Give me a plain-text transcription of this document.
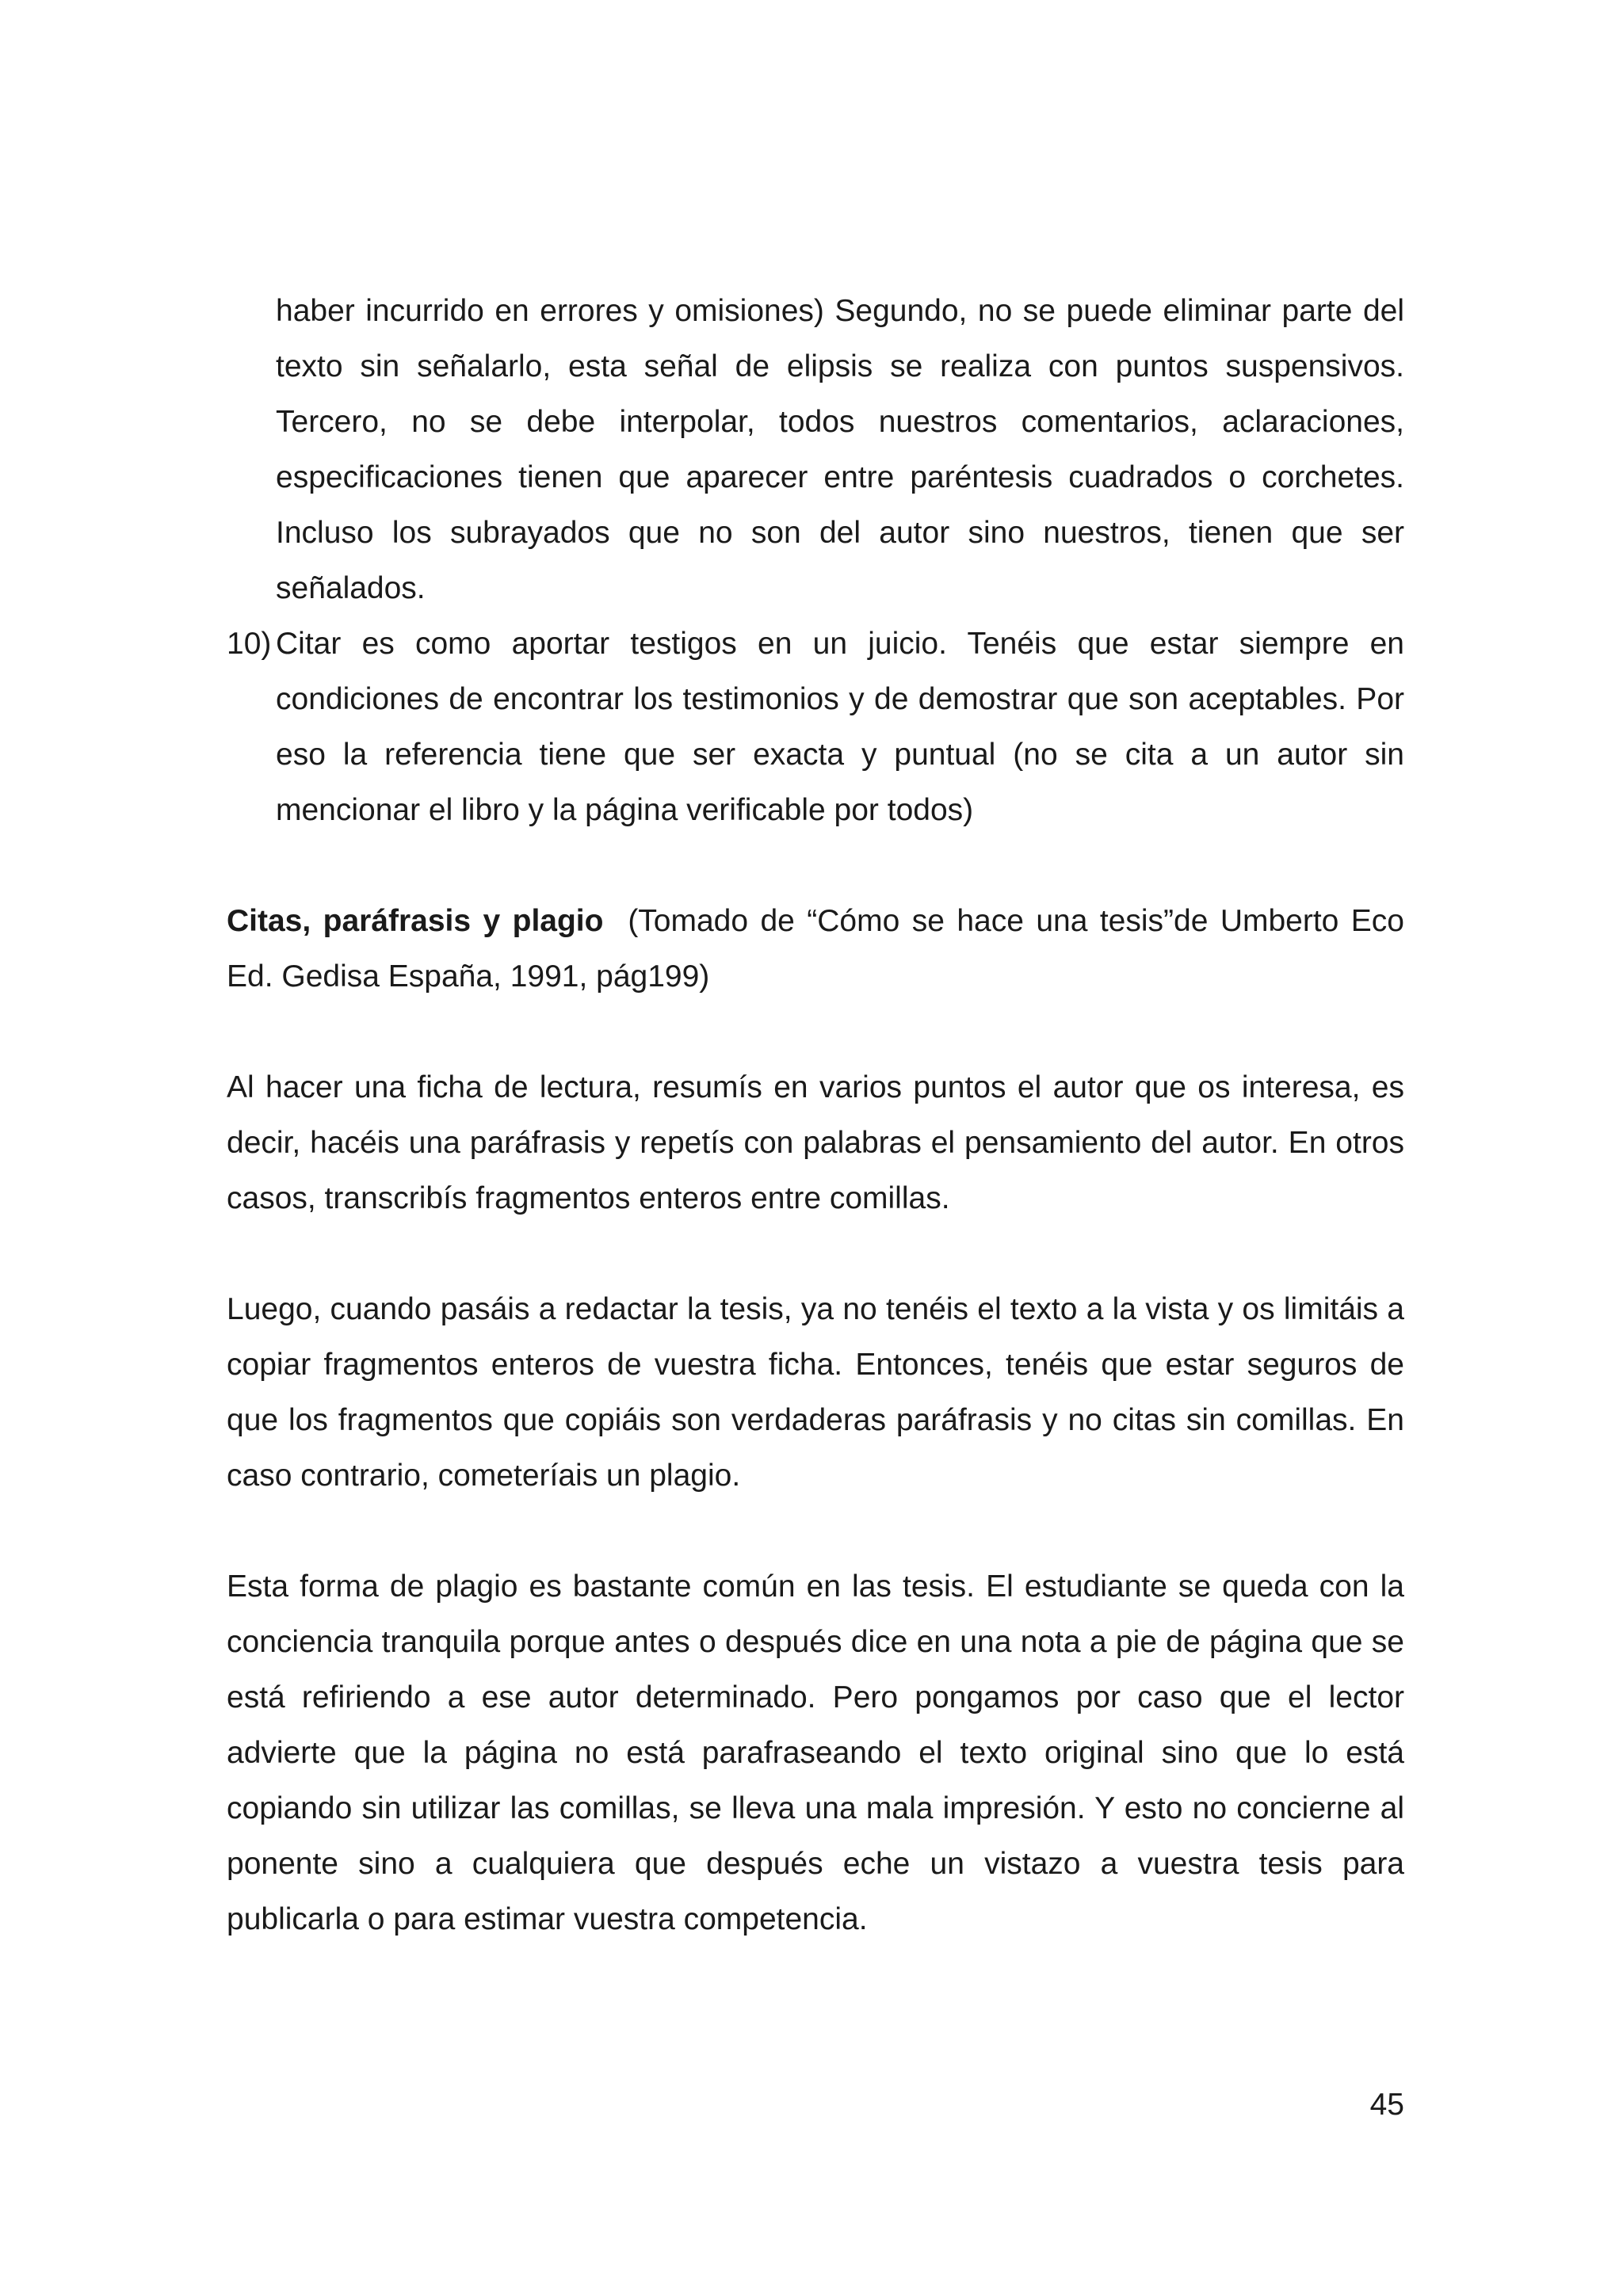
haber incurrido en errores y omisiones) Segundo, no se puede eliminar parte del texto sin señalarlo, esta señal de elipsis se realiza con puntos suspensivos. Tercero, no se debe interpolar, todos nuestros comentarios, aclaraciones, especificaciones tienen que aparecer entre paréntesis cuadrados o corchetes. Incluso los subrayados que no son del autor sino nuestros, tienen que ser señalados.

10) Citar es como aportar testigos en un juicio. Tenéis que estar siempre en condiciones de encontrar los testimonios y de demostrar que son aceptables. Por eso la referencia tiene que ser exacta y puntual (no se cita a un autor sin mencionar el libro y la página verificable por todos)

Citas, paráfrasis y plagio (Tomado de “Cómo se hace una tesis”de Umberto Eco Ed. Gedisa España, 1991, pág199)

Al hacer una ficha de lectura, resumís en varios puntos el autor que os interesa, es decir, hacéis una paráfrasis y repetís con palabras el pensamiento del autor. En otros casos, transcribís fragmentos enteros entre comillas.

Luego, cuando pasáis a redactar la tesis, ya no tenéis el texto a la vista y os limitáis a copiar fragmentos enteros de vuestra ficha. Entonces, tenéis que estar seguros de que los fragmentos que copiáis son verdaderas paráfrasis y no citas sin comillas. En caso contrario, cometeríais un plagio.

Esta forma de plagio es bastante común en las tesis. El estudiante se queda con la conciencia tranquila porque antes o después dice en una nota a pie de página que se está refiriendo a ese autor determinado. Pero pongamos por caso que el lector advierte que la página no está parafraseando el texto original sino que lo está copiando sin utilizar las comillas, se lleva una mala impresión. Y esto no concierne al ponente sino a cualquiera que después eche un vistazo a vuestra tesis para publicarla o para estimar vuestra competencia.

45
